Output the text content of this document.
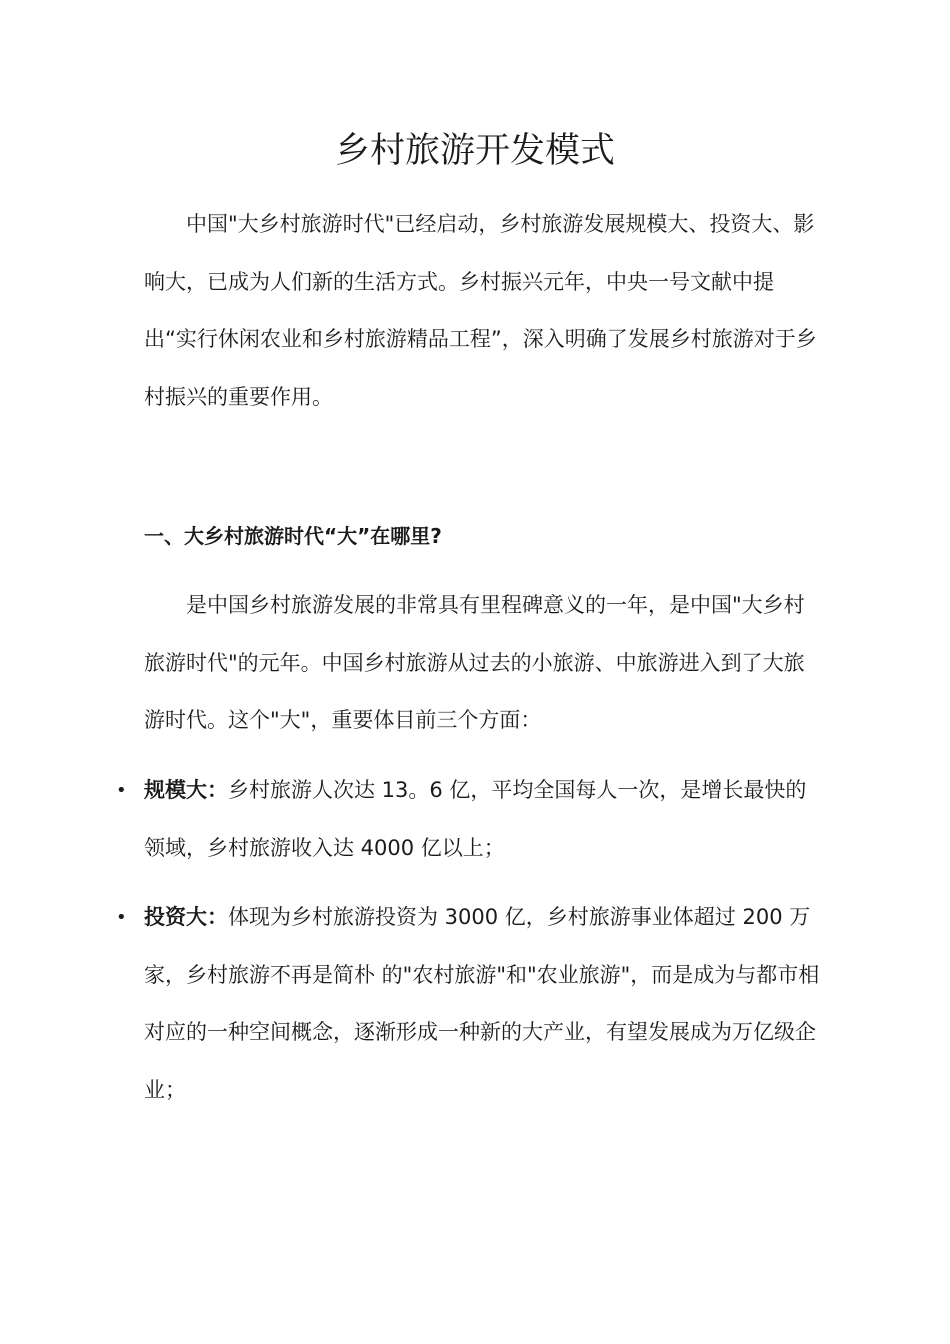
乡村旅游开发模式

中国"大乡村旅游时代"已经启动，乡村旅游发展规模大、投资大、影响大，已成为人们新的生活方式。乡村振兴元年，中央一号文献中提出“实行休闲农业和乡村旅游精品工程”，深入明确了发展乡村旅游对于乡村振兴的重要作用。

一、大乡村旅游时代“大”在哪里?

是中国乡村旅游发展的非常具有里程碑意义的一年，是中国"大乡村旅游时代"的元年。中国乡村旅游从过去的小旅游、中旅游进入到了大旅游时代。这个"大"，重要体目前三个方面：

• 规模大：乡村旅游人次达 13。6 亿，平均全国每人一次，是增长最快的领域，乡村旅游收入达 4000 亿以上；
• 投资大：体现为乡村旅游投资为 3000 亿，乡村旅游事业体超过 200 万家，乡村旅游不再是简朴 的"农村旅游"和"农业旅游"，而是成为与都市相对应的一种空间概念，逐渐形成一种新的大产业，有望发展成为万亿级企业；
